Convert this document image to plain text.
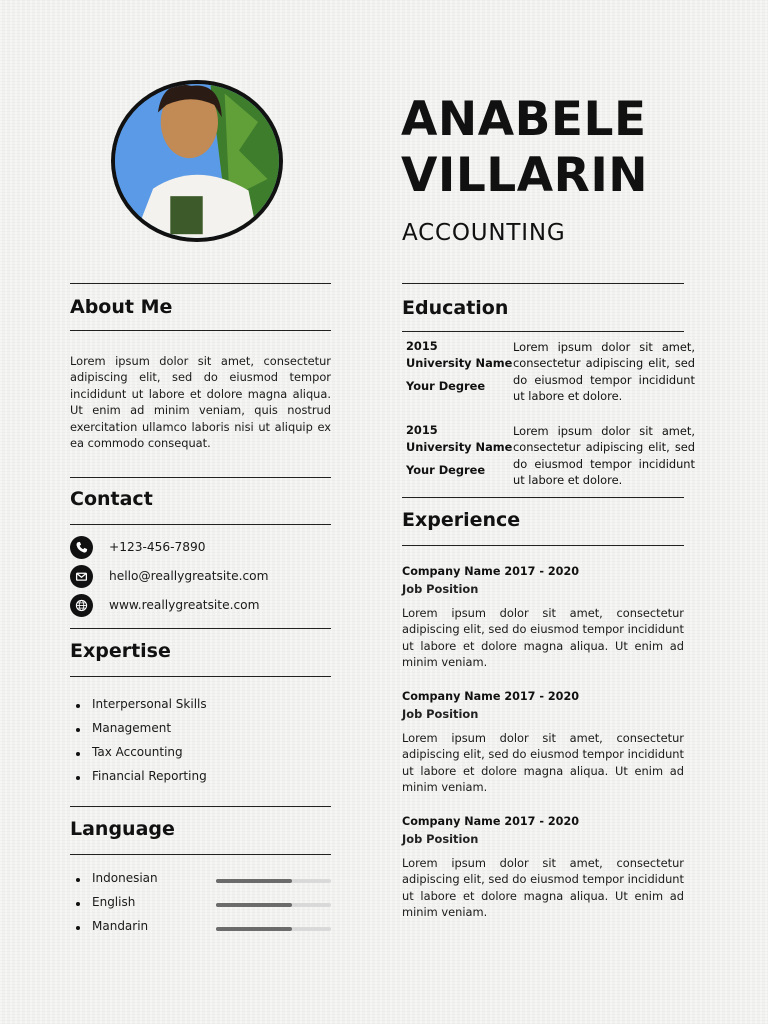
ANABELE
VILLARIN
ACCOUNTING
About Me

Lorem ipsum dolor sit amet, consectetur adipiscing elit, sed do eiusmod tempor incididunt ut labore et dolore magna aliqua. Ut enim ad minim veniam, quis nostrud exercitation ullamco laboris nisi ut aliquip ex ea commodo consequat.

Contact
+123-456-7890
hello@reallygreatsite.com
www.reallygreatsite.com
Expertise
Interpersonal Skills
Management
Tax Accounting
Financial Reporting
Language
Indonesian
English
Mandarin
Education
2015
University Name
Your Degree

Lorem ipsum dolor sit amet, consectetur adipiscing elit, sed do eiusmod tempor incididunt ut labore et dolore.

2015
University Name
Your Degree

Lorem ipsum dolor sit amet, consectetur adipiscing elit, sed do eiusmod tempor incididunt ut labore et dolore.

Experience

Company Name 2017 - 2020

Job Position

Lorem ipsum dolor sit amet, consectetur adipiscing elit, sed do eiusmod tempor incididunt ut labore et dolore magna aliqua. Ut enim ad minim veniam.

Company Name 2017 - 2020

Job Position

Lorem ipsum dolor sit amet, consectetur adipiscing elit, sed do eiusmod tempor incididunt ut labore et dolore magna aliqua. Ut enim ad minim veniam.

Company Name 2017 - 2020

Job Position

Lorem ipsum dolor sit amet, consectetur adipiscing elit, sed do eiusmod tempor incididunt ut labore et dolore magna aliqua. Ut enim ad minim veniam.
